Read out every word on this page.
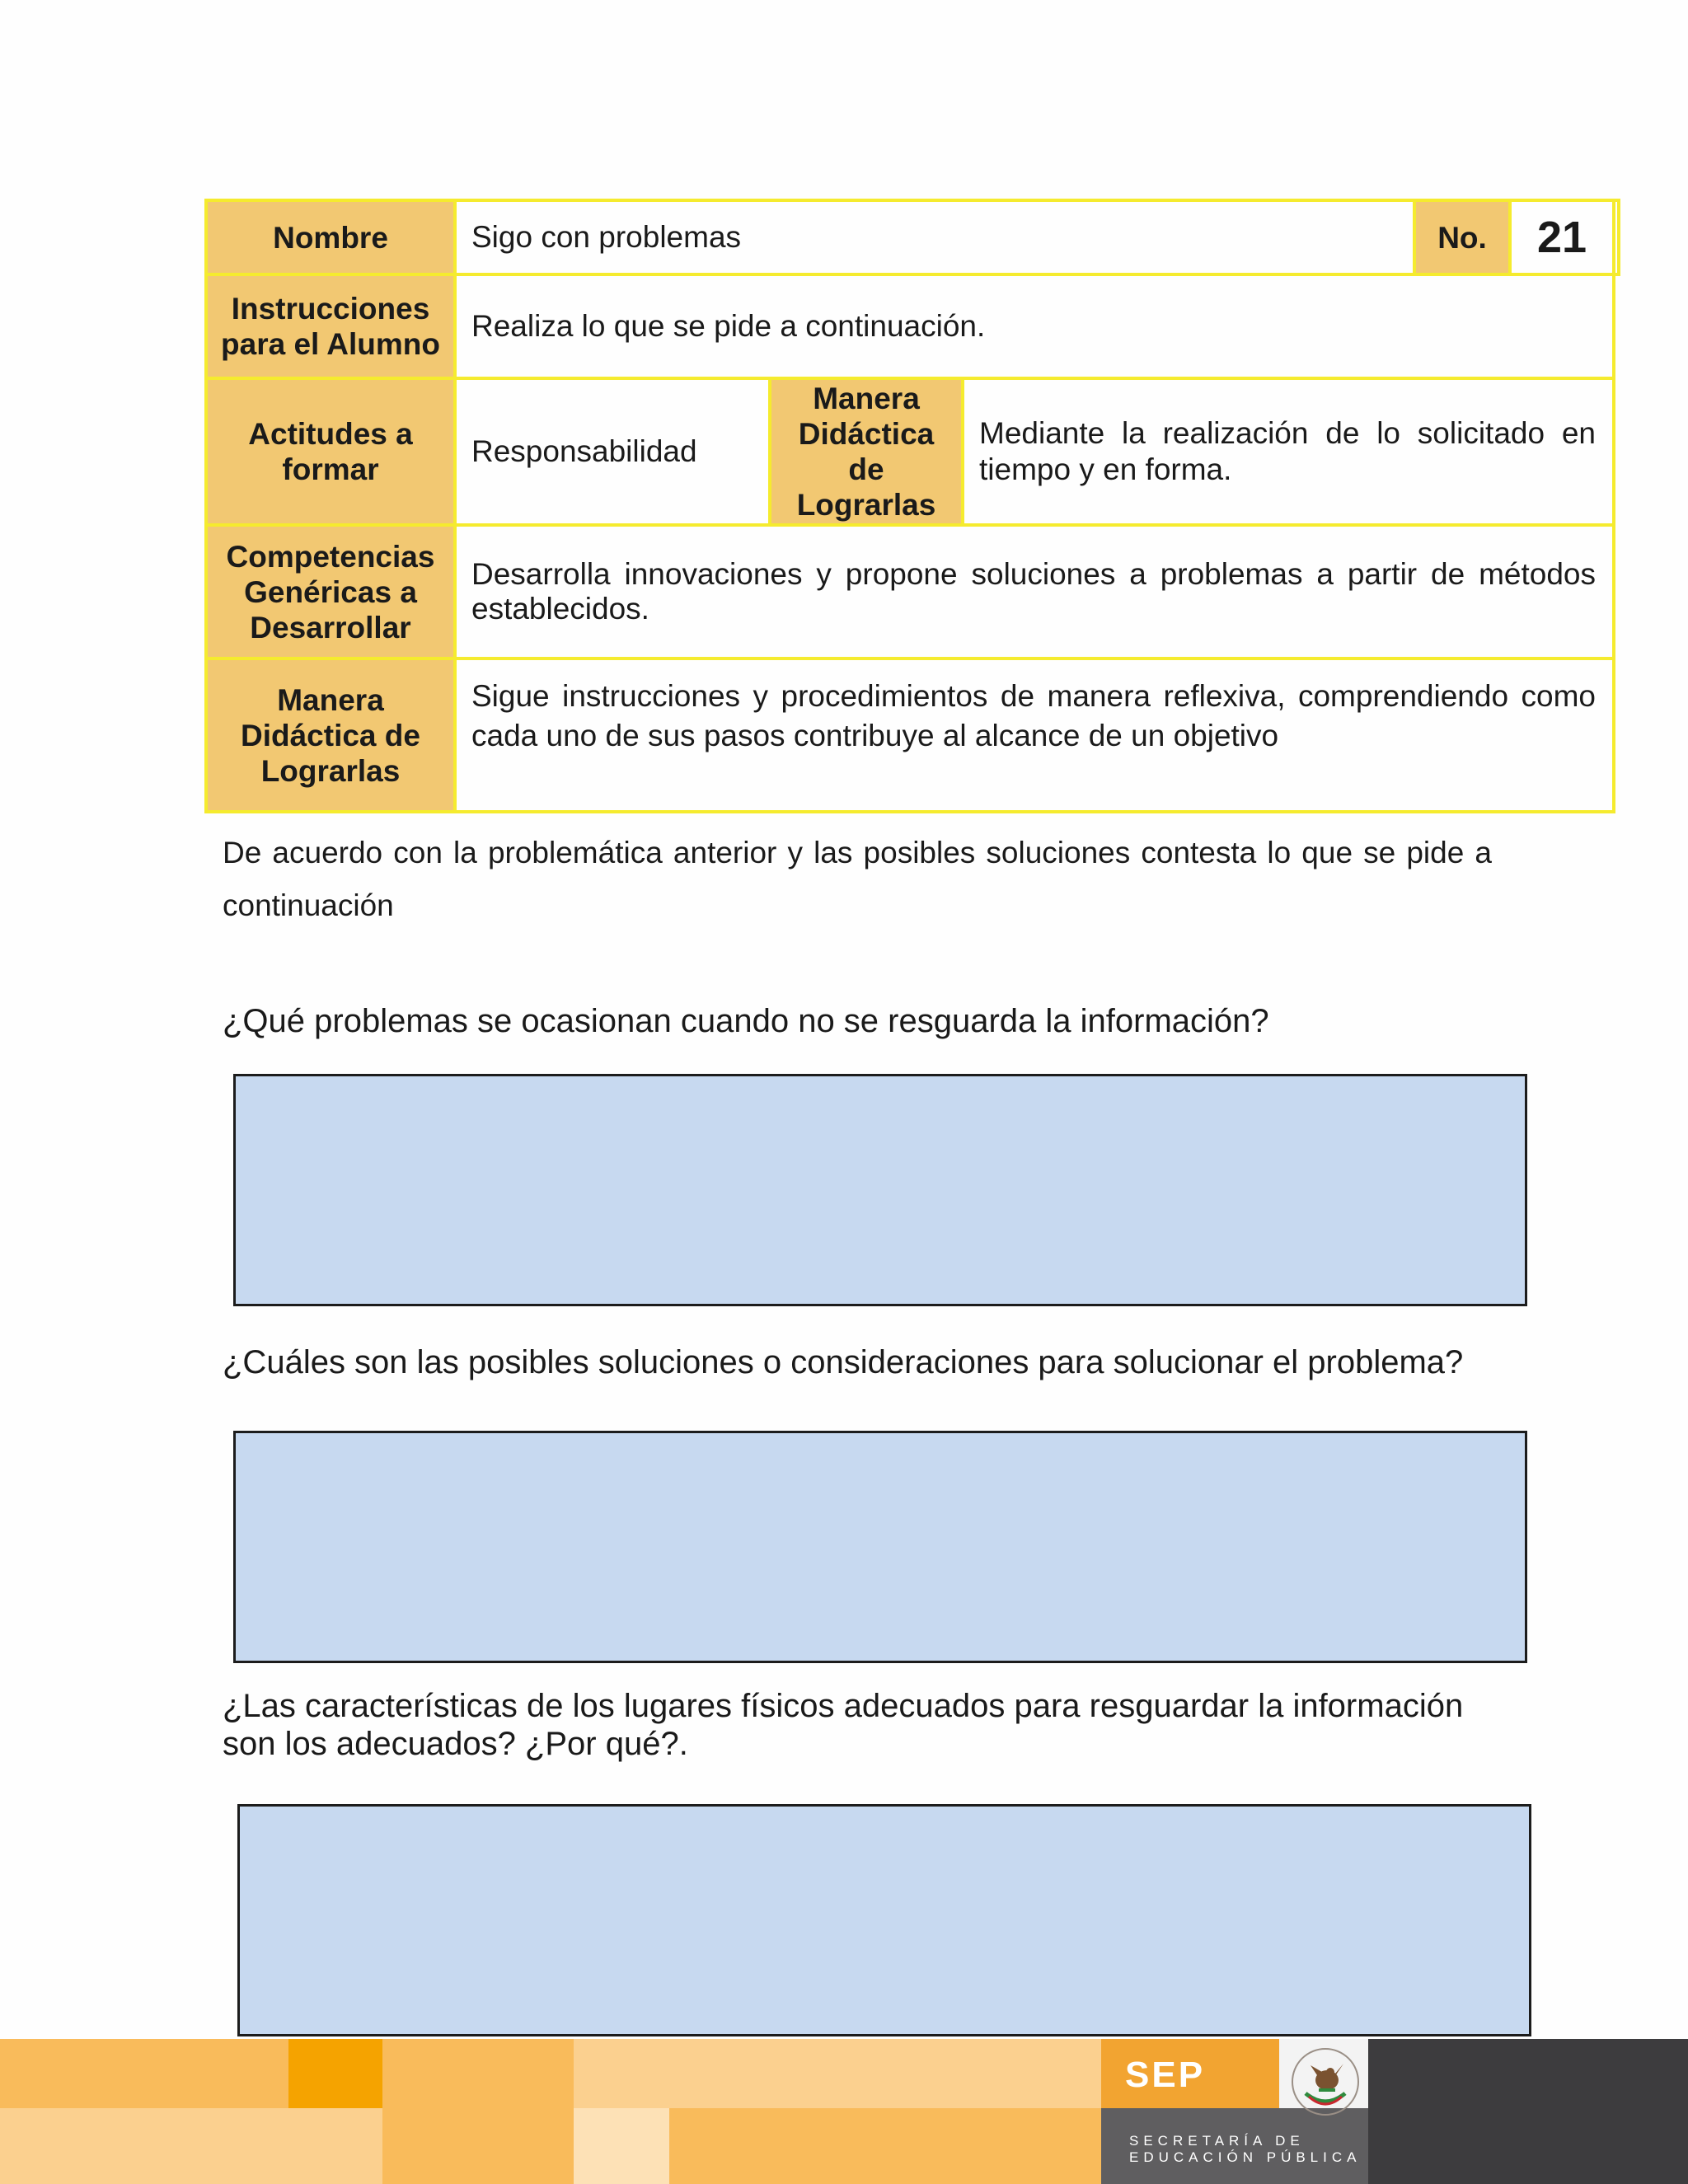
Nombre	Sigo con problemas	No. 21
Instrucciones
para el Alumno
Realiza lo que se pide a continuación.
Actitudes a
formar
Responsabilidad
Manera
Didáctica
de
Lograrlas
Mediante la realización de lo solicitado en tiempo y en forma.
Competencias
Genéricas a
Desarrollar
Desarrolla innovaciones y propone soluciones a problemas a partir de métodos establecidos.
Manera
Didáctica de
Lograrlas
Sigue instrucciones y procedimientos de manera reflexiva, comprendiendo como cada uno de sus pasos contribuye al alcance de un objetivo
De acuerdo con la problemática anterior y las posibles soluciones contesta lo que se pide a continuación
¿Qué problemas se ocasionan cuando no se resguarda la información?
¿Cuáles son las posibles soluciones o consideraciones para solucionar el problema?
¿Las características de los lugares físicos adecuados para resguardar la información son los adecuados? ¿Por qué?.
SEP
SECRETARÍA DE
EDUCACIÓN PÚBLICA
